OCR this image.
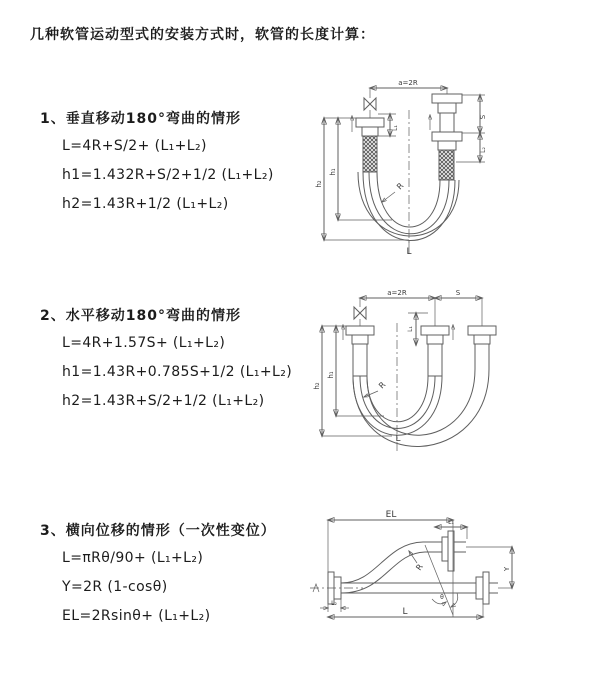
几种软管运动型式的安装方式时，软管的长度计算：
1、垂直移动180°弯曲的情形
L=4R+S/2+ (L₁+L₂)
h1=1.432R+S/2+1/2 (L₁+L₂)
h2=1.43R+1/2 (L₁+L₂)
2、水平移动180°弯曲的情形
L=4R+1.57S+ (L₁+L₂)
h1=1.43R+0.785S+1/2 (L₁+L₂)
h2=1.43R+S/2+1/2 (L₁+L₂)
3、横向位移的情形（一次性变位）
L=πRθ/90+ (L₁+L₂)
Y=2R (1-cosθ)
EL=2Rsinθ+ (L₁+L₂)
a=2R
h₂
h₁
L₁
S
L₂
R
L
a=2R	S
h₂
h₁
L₁
R
L
EL
L₁
Y
θ
R
L₂
L
